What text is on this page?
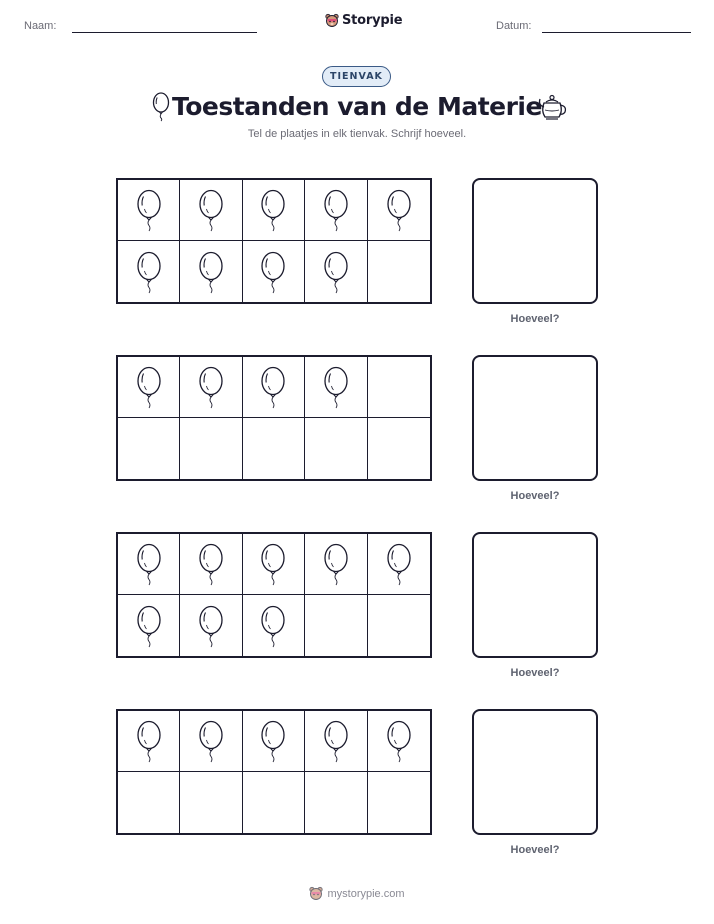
Naam:	Storypie	Datum:
TIENVAK
Toestanden van de Materie
Tel de plaatjes in elk tienvak. Schrijf hoeveel.
Hoeveel?
Hoeveel?
Hoeveel?
Hoeveel?
mystorypie.com
